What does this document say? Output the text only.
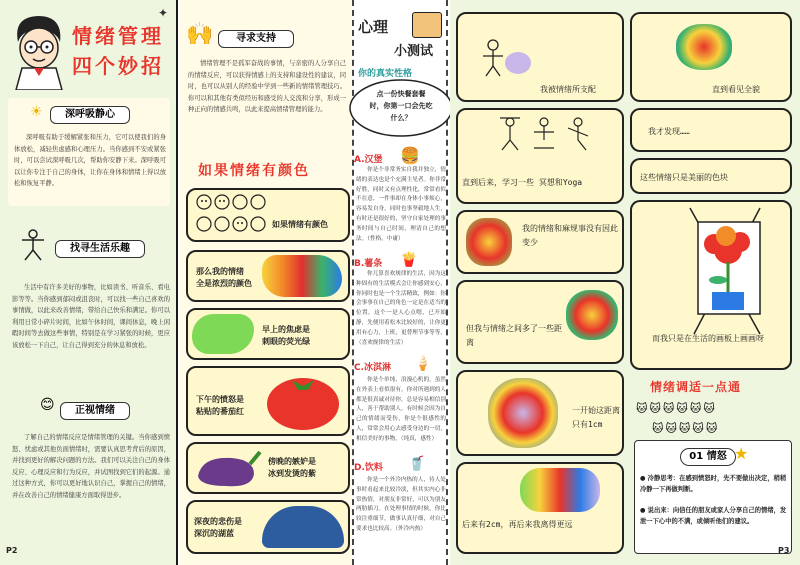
情绪管理
四个妙招
✦
深呼吸静心
☀
深呼吸有助于缓解紧张和压力，它可以使我们的身体放松，减轻焦虑感和心理压力。当你感到不安或紧张时，可以尝试深呼吸几次，帮助你安静下来。深呼吸可以让你专注于自己的身体，让你在身体和情绪上得以放松和恢复平静。
找寻生活乐趣
生活中有许多美好的事物，比如读书、听音乐、看电影等等。当你感到郁闷或沮丧时，可以找一些自己喜欢的事情做，以此来改善情绪，带给自己快乐和满足。你可以利用日常小碎片时间，比如午休时间，课间休息，晚上闲暇时间等去做这些事情，特别是在学习紧张的时候，更应该放松一下自己，让自己得到充分的休息和放松。
😊	正视情绪
了解自己的情绪反应是情绪管理的关键。当你感到愤怒、忧虑或其他负面情绪时，需要认真思考背后的原因，并找到更好的解决问题的方法。我们可以关注自己的身体反应、心理反应和行为反应，并试图找到它们的起源。通过这种方式，你可以更好地认识自己，掌握自己的情绪，并在改善自己的情绪健康方面取得进步。
P2
🙌	寻求支持
情绪管理不是孤军奋战的事情，与亲密的人分享自己的情绪反应，可以获得情感上的支持和建设性的建议，同时，也可以从别人的经验中学到一些新的情绪管理技巧。你可以和其他有类似经历和感受的人交流和分享，形成一种正向的情感共鸣，以此来提高情绪管理的能力。
如果情绪有颜色
如果情绪有颜色
那么我的情绪
全是浓烈的颜色
早上的焦虑是
刺眼的荧光绿
下午的愤怒是
粘贴的番茄红
傍晚的嫉妒是
冰到发烫的紫
深夜的悲伤是
深沉的湖蓝
心理
小测试
你的真实性格
点一份快餐套餐
时，你第一口会先吃
什么？
A.汉堡 🍔
你是个非常务实自我并独立，情绪的表达也是个充满主见者。你非常好胜，同时又有点理性化，常常看似不在意，一件事却在身体小事烦心，容易发自身，同时也事坚毅地人生，有时还是很好的，坚守自家处理的事务时间与自己时间，理清自己的想法。（性格，中庸）
B.薯条 🍟
你兀算喜欢规律的生活，因为这种固有的生活模式会让你感到安心，你同时也是一个生活精致，例如：你会事事在自己的角色一定是在适当的位置，这个一是人心点嗯，已开始静，先便用着松木比较好的，让你更用有心力，上班，更替理节事等等，（喜欢规律的生活）
C.冰淇淋 🍦
你是个单纯、浪漫心机的，虽然在外表上看似很有。你对所遇到的人都是很真诚对待你，总是容易相信别人，善于帮助别人，有时候会因为自己的情绪而受伤，你是个很感性的人，常常会用心去感受身边的一切，相信美好的事物。（纯真，感性）
D.饮料 🥤
你是一个外冷内热的人，待人处事时看起来比较冷淡，但其实内心非常热情，对朋友非常好，可以为朋友两肋插刀。在处理事情的时候，你比较注重细节，做事认真仔细，对自己要求也比较高。（外冷内热）
我被情绪所支配	直到看见全貌
我才发现……
直到后来，学习一些 冥想和Yoga
这些情绪只是美丽的色块
我的情绪和麻规事没有因此变少
而我只是在生活的画板上画画呀
但我与情绪之间多了一些距离
一开始这距离只有1cm
后来有2cm，再后来我离得更远
情绪调适一点通
🐱🐱🐱🐱🐱🐱
🐱🐱🐱🐱🐱
01 情怒 ★
● 冷静思考：在感到愤怒时，先不要做出决定，稍稍冷静一下再做判断。
● 说出来：向信任的朋友或家人分享自己的情绪，发泄一下心中的不满，或倾听他们的建议。
P3
